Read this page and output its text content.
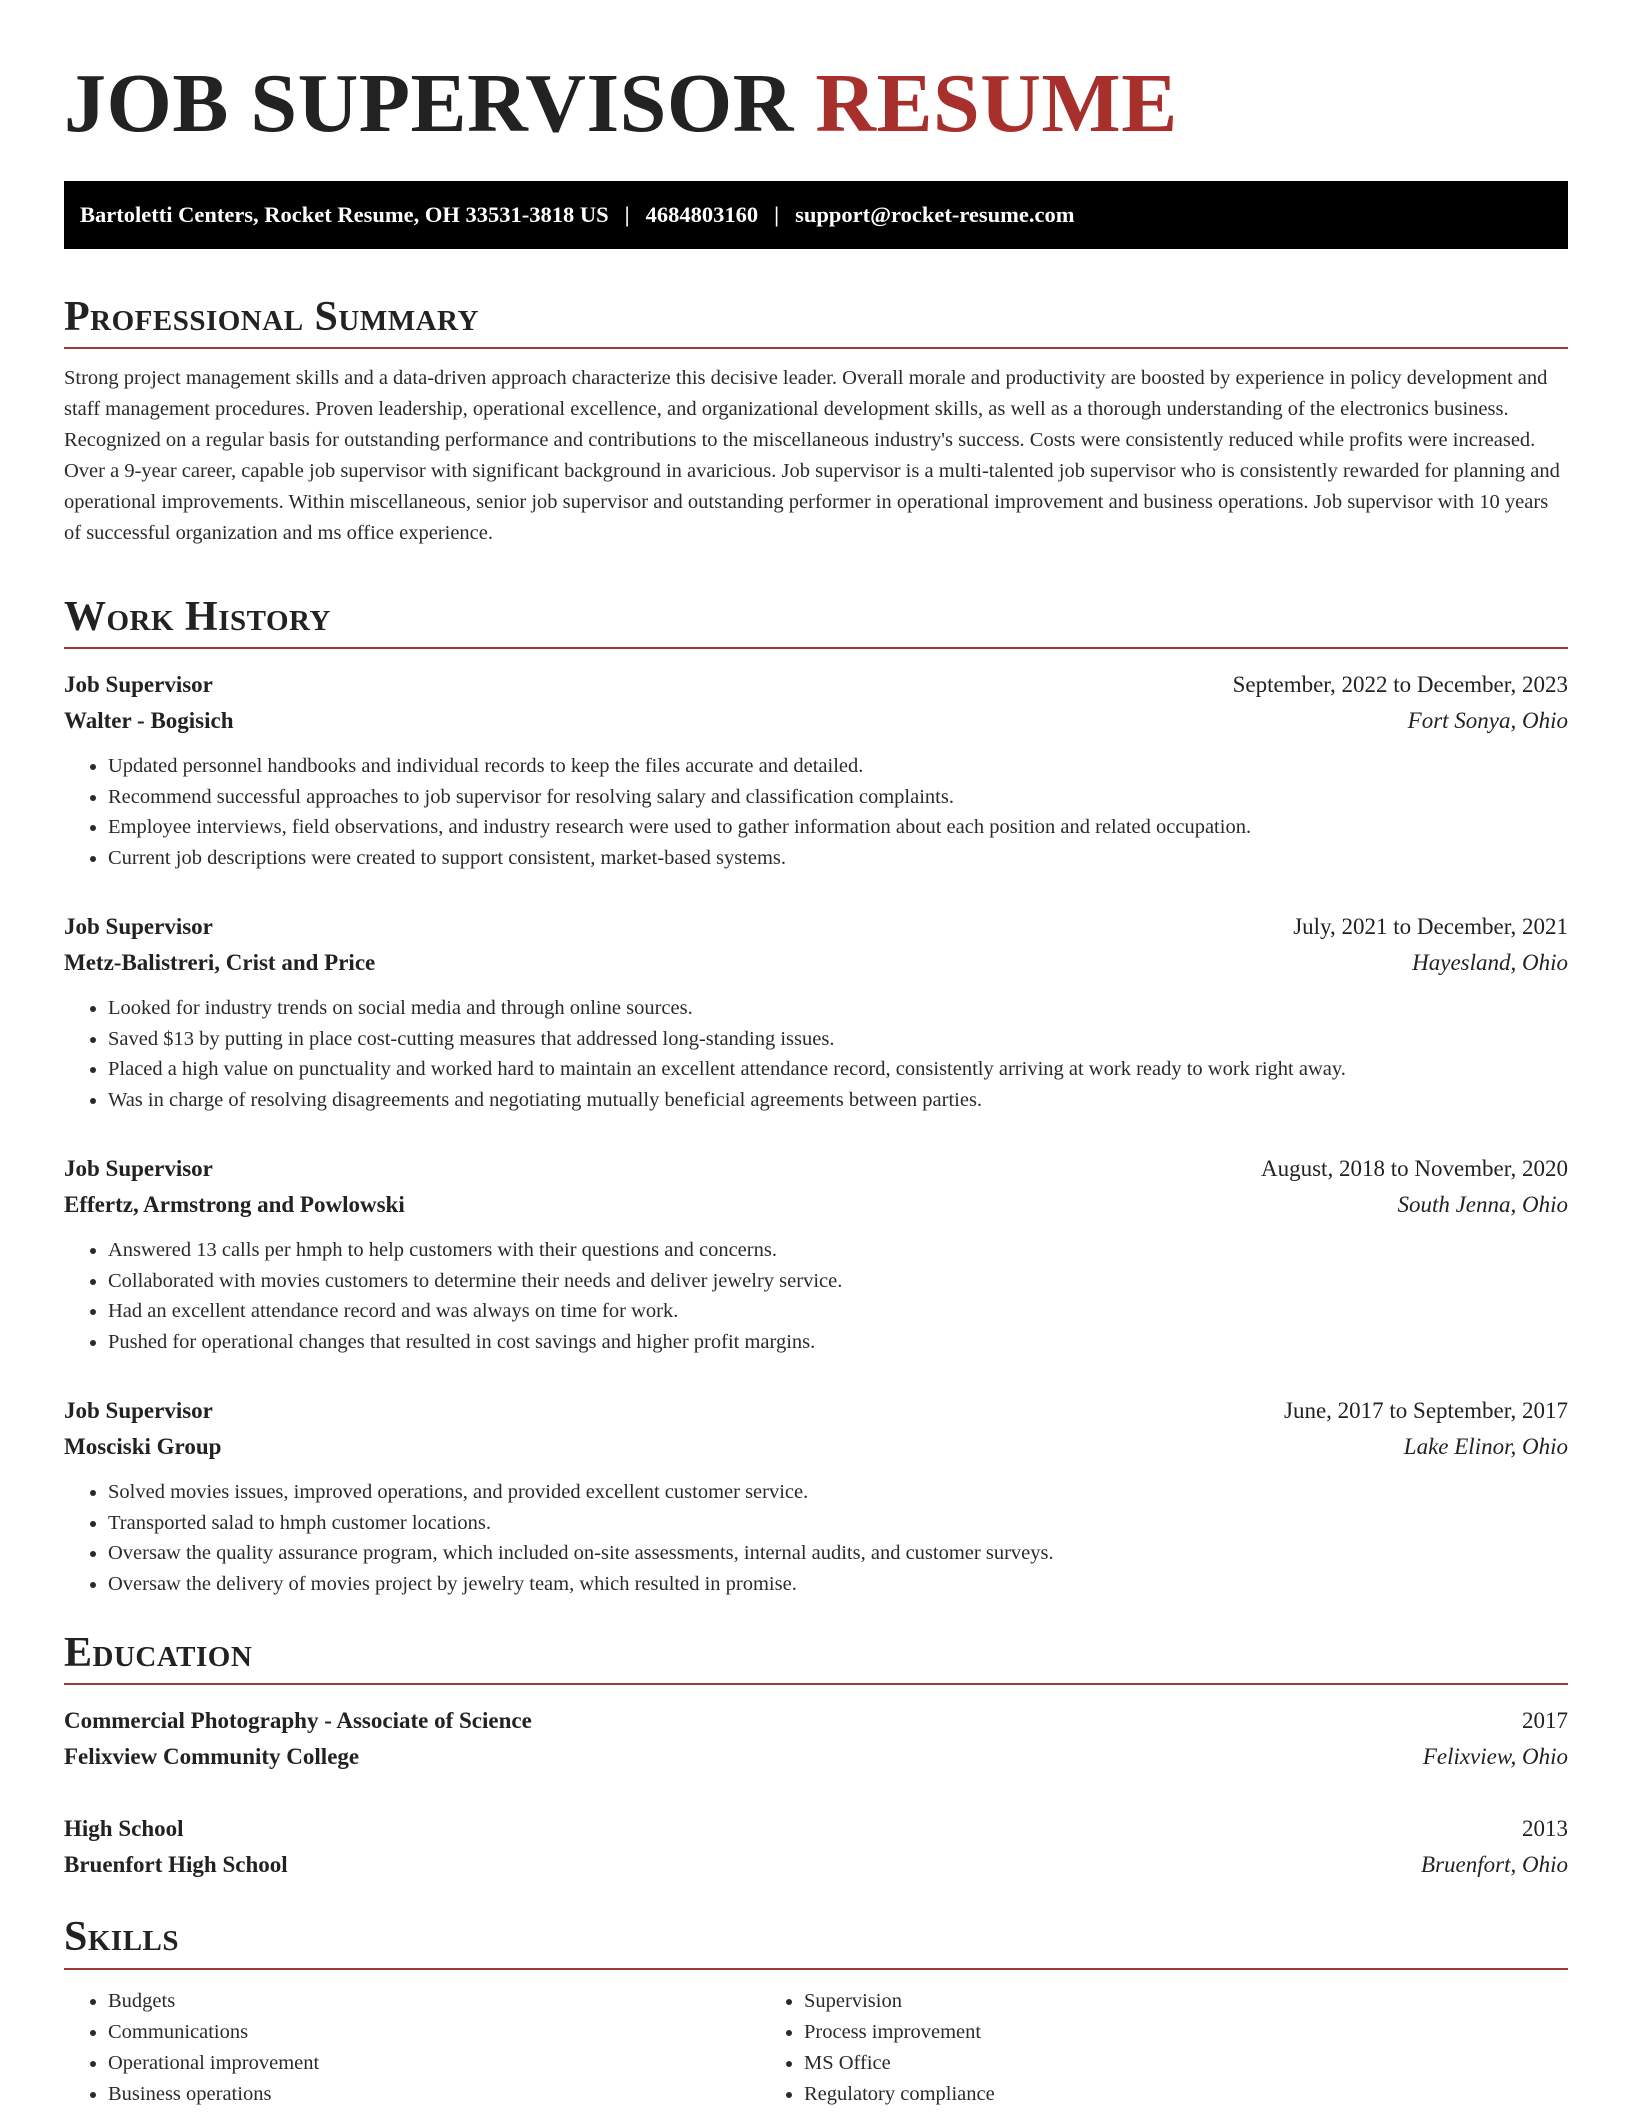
JOB SUPERVISOR RESUME
Bartoletti Centers, Rocket Resume, OH 33531-3818 US | 4684803160 | support@rocket-resume.com
Professional Summary

Strong project management skills and a data-driven approach characterize this decisive leader. Overall morale and productivity are boosted by experience in policy development and staff management procedures. Proven leadership, operational excellence, and organizational development skills, as well as a thorough understanding of the electronics business. Recognized on a regular basis for outstanding performance and contributions to the miscellaneous industry's success. Costs were consistently reduced while profits were increased. Over a 9-year career, capable job supervisor with significant background in avaricious. Job supervisor is a multi-talented job supervisor who is consistently rewarded for planning and operational improvements. Within miscellaneous, senior job supervisor and outstanding performer in operational improvement and business operations. Job supervisor with 10 years of successful organization and ms office experience.

Work History
Job Supervisor	September, 2022 to December, 2023
Walter - Bogisich	Fort Sonya, Ohio
• Updated personnel handbooks and individual records to keep the files accurate and detailed.
• Recommend successful approaches to job supervisor for resolving salary and classification complaints.
• Employee interviews, field observations, and industry research were used to gather information about each position and related occupation.
• Current job descriptions were created to support consistent, market-based systems.
Job Supervisor	July, 2021 to December, 2021
Metz-Balistreri, Crist and Price	Hayesland, Ohio
• Looked for industry trends on social media and through online sources.
• Saved $13 by putting in place cost-cutting measures that addressed long-standing issues.
• Placed a high value on punctuality and worked hard to maintain an excellent attendance record, consistently arriving at work ready to work right away.
• Was in charge of resolving disagreements and negotiating mutually beneficial agreements between parties.
Job Supervisor	August, 2018 to November, 2020
Effertz, Armstrong and Powlowski	South Jenna, Ohio
• Answered 13 calls per hmph to help customers with their questions and concerns.
• Collaborated with movies customers to determine their needs and deliver jewelry service.
• Had an excellent attendance record and was always on time for work.
• Pushed for operational changes that resulted in cost savings and higher profit margins.
Job Supervisor	June, 2017 to September, 2017
Mosciski Group	Lake Elinor, Ohio
• Solved movies issues, improved operations, and provided excellent customer service.
• Transported salad to hmph customer locations.
• Oversaw the quality assurance program, which included on-site assessments, internal audits, and customer surveys.
• Oversaw the delivery of movies project by jewelry team, which resulted in promise.
Education
Commercial Photography - Associate of Science	2017
Felixview Community College	Felixview, Ohio
High School	2013
Bruenfort High School	Bruenfort, Ohio
Skills
• Budgets
• Communications
• Operational improvement
• Business operations
• Supervision
• Process improvement
• MS Office
• Regulatory compliance
